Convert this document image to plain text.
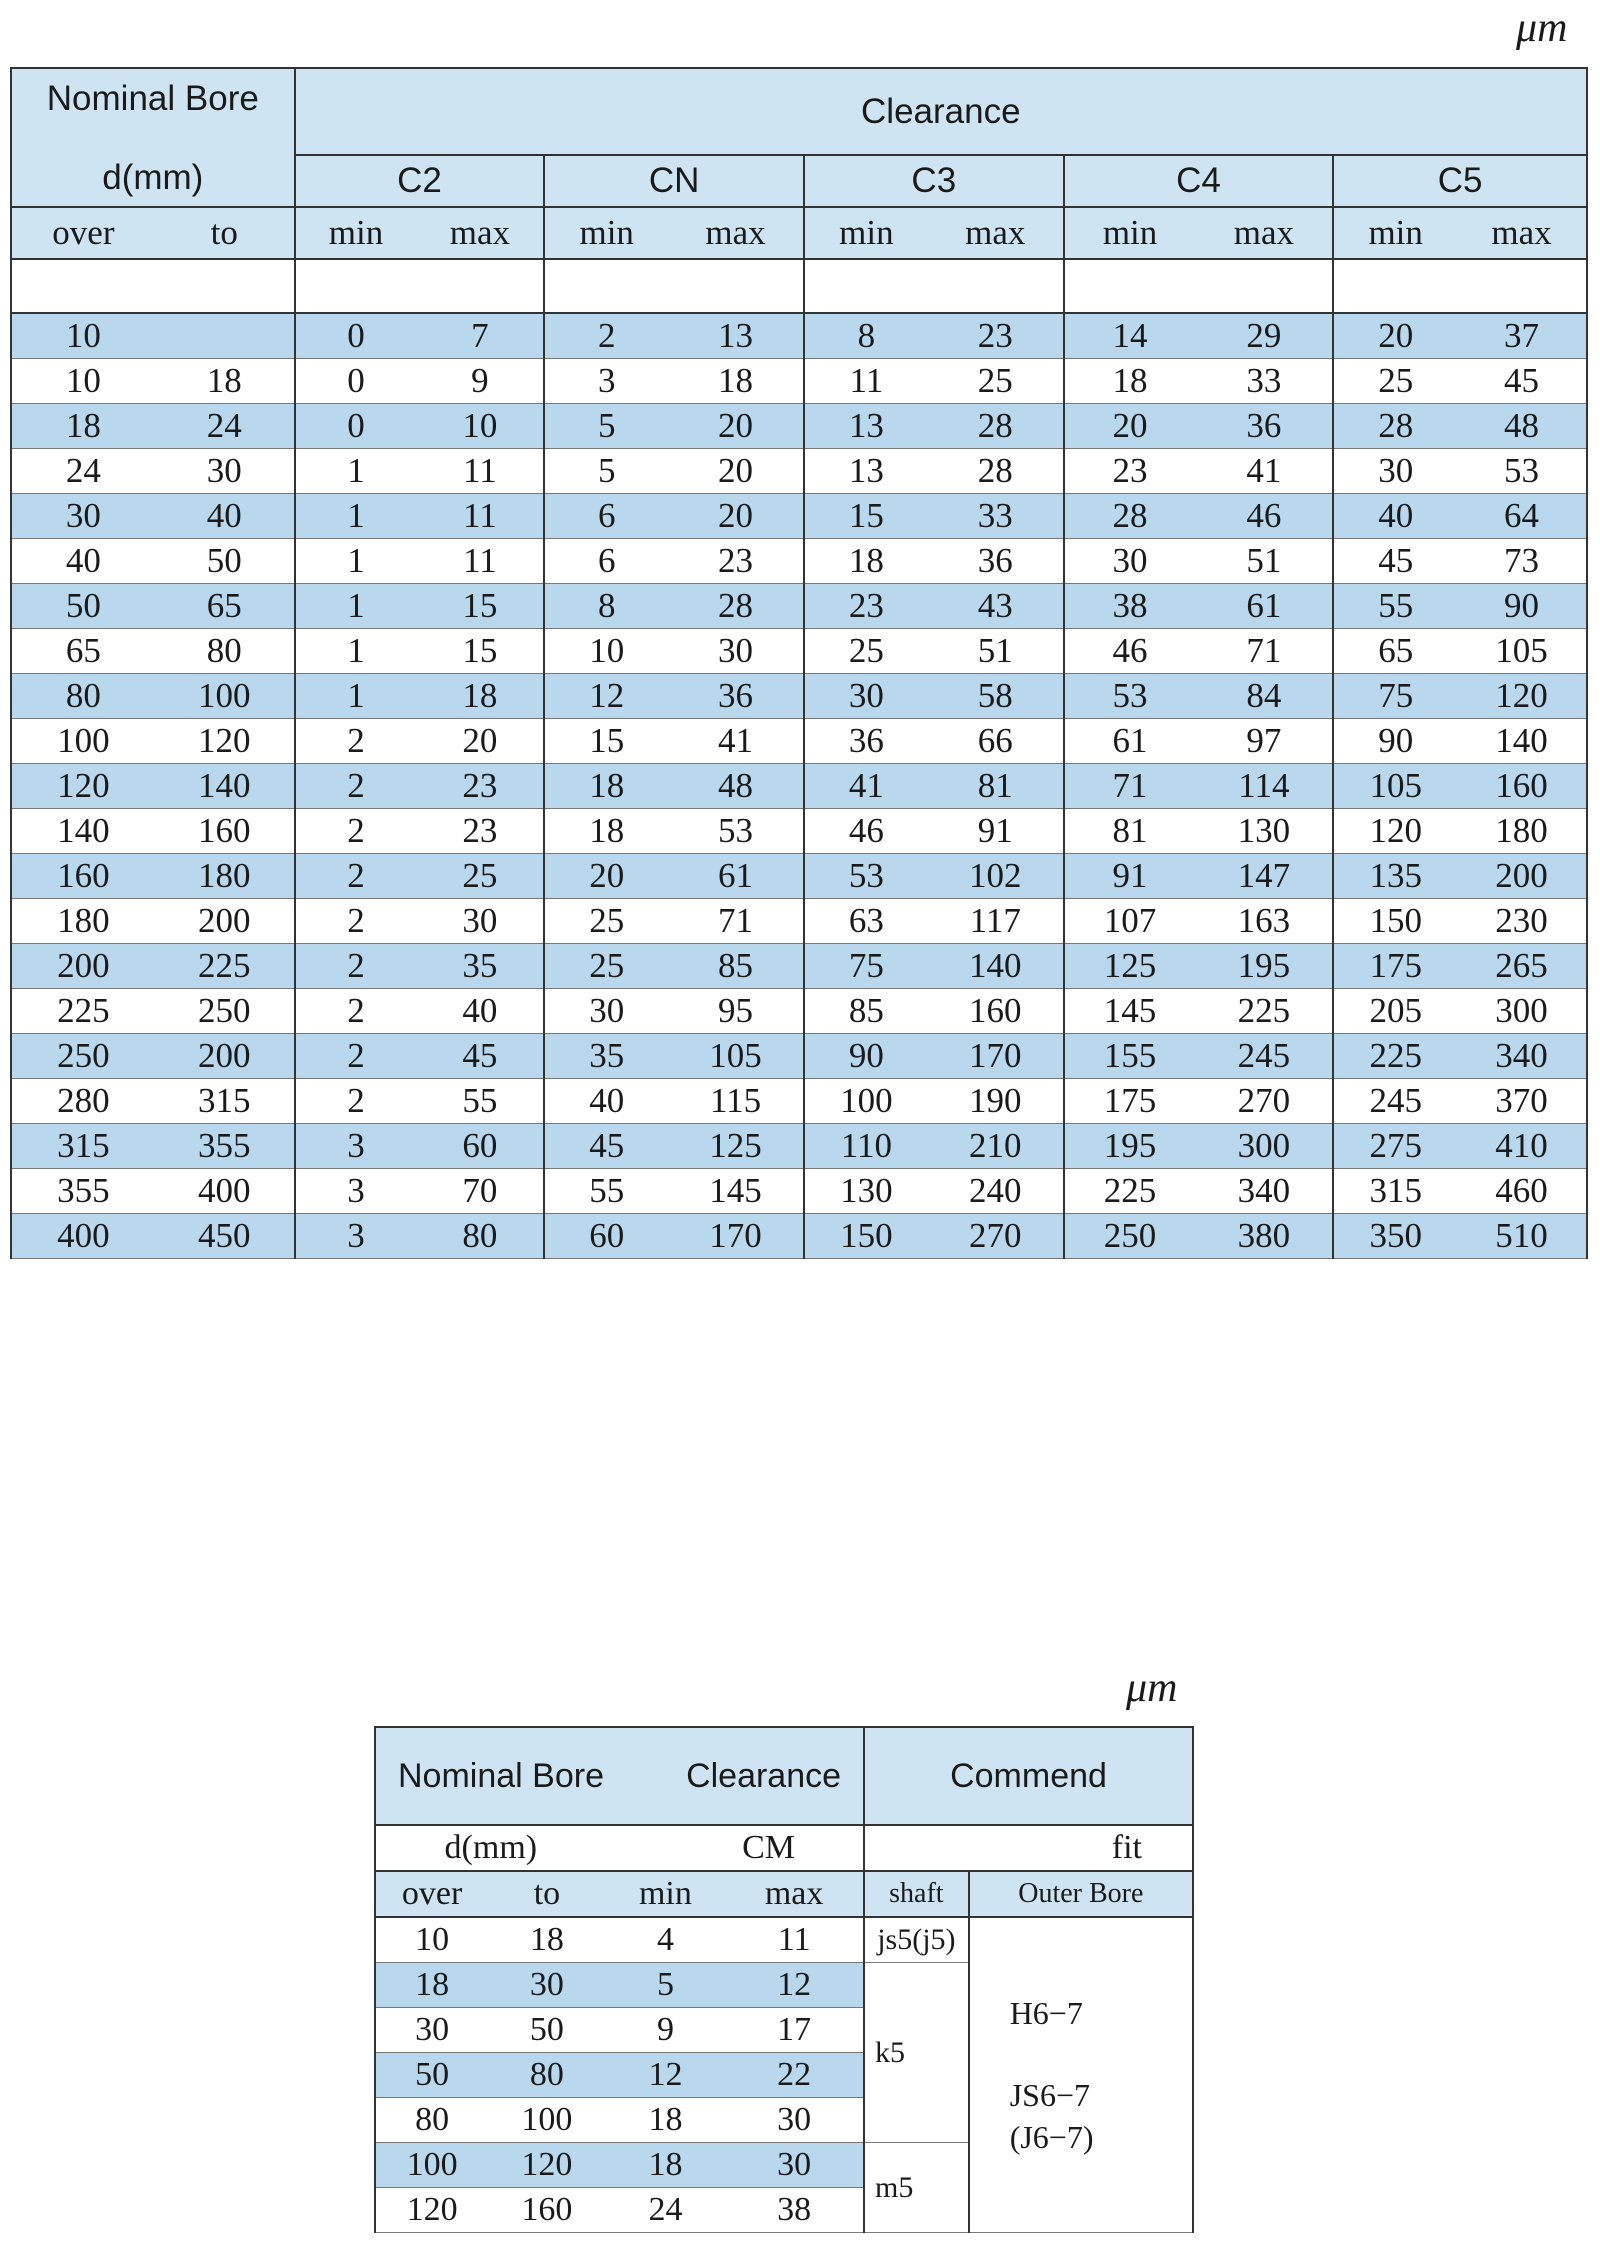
μm
Nominal Bore
d(mm)		Clearance									
		C2		CN		C3		C4		C5	
over	to	min	max	min	max	min	max	min	max	min	max

10		0	7	2	13	8	23	14	29	20	37
10	18	0	9	3	18	11	25	18	33	25	45
18	24	0	10	5	20	13	28	20	36	28	48
24	30	1	11	5	20	13	28	23	41	30	53
30	40	1	11	6	20	15	33	28	46	40	64
40	50	1	11	6	23	18	36	30	51	45	73
50	65	1	15	8	28	23	43	38	61	55	90
65	80	1	15	10	30	25	51	46	71	65	105
80	100	1	18	12	36	30	58	53	84	75	120
100	120	2	20	15	41	36	66	61	97	90	140
120	140	2	23	18	48	41	81	71	114	105	160
140	160	2	23	18	53	46	91	81	130	120	180
160	180	2	25	20	61	53	102	91	147	135	200
180	200	2	30	25	71	63	117	107	163	150	230
200	225	2	35	25	85	75	140	125	195	175	265
225	250	2	40	30	95	85	160	145	225	205	300
250	200	2	45	35	105	90	170	155	245	225	340
280	315	2	55	40	115	100	190	175	270	245	370
315	355	3	60	45	125	110	210	195	300	275	410
355	400	3	70	55	145	130	240	225	340	315	460
400	450	3	80	60	170	150	270	250	380	350	510
μm
Nominal Bore		Clearance		Commend	
d(mm)		CM		fit	
over	to	min	max	shaft	Outer Bore
10	18	4	11	js5(j5)	H6−7
JS6−7
(J6−7)

18	30	5	12	k5	
30	50	9	17		
50	80	12	22		
80	100	18	30		
100	120	18	30	m5	
120	160	24	38		
